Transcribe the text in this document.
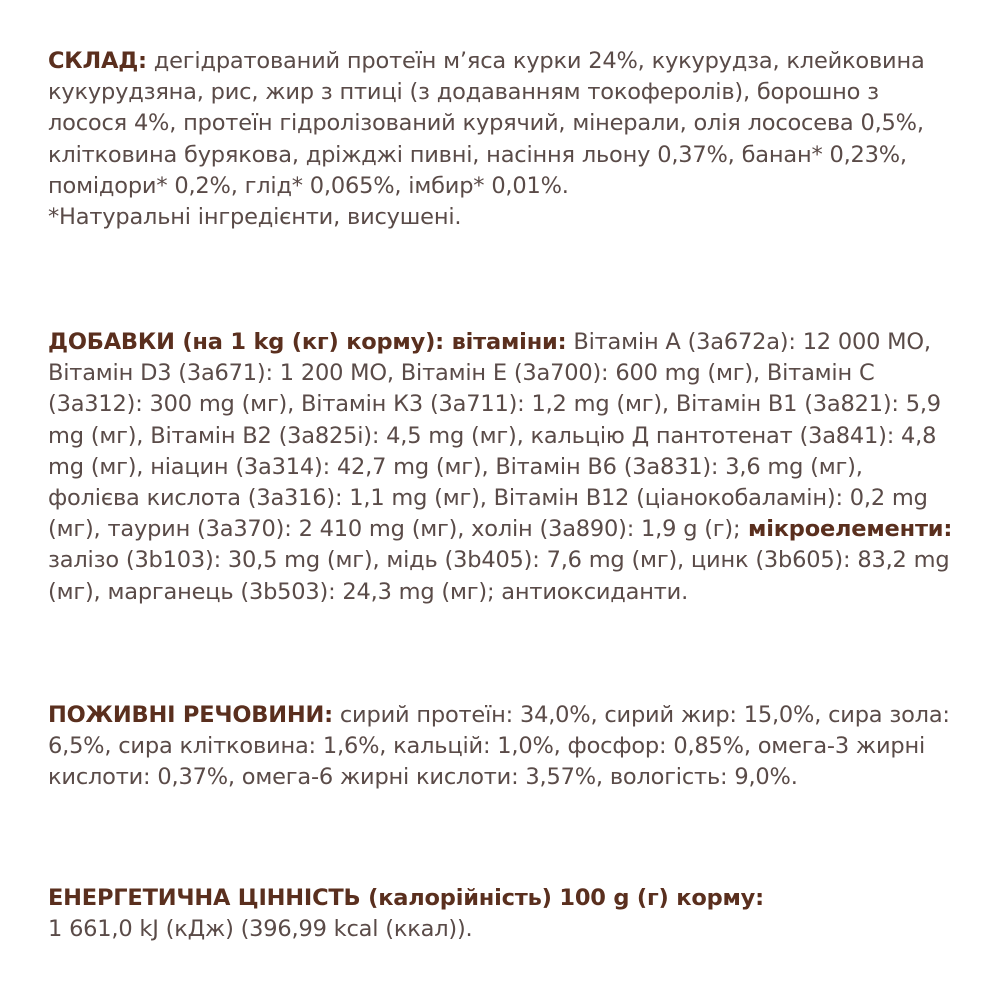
СКЛАД: дегідратований протеїн м’яса курки 24%, кукурудза, клейковина кукурудзяна, рис, жир з птиці (з додаванням токоферолів), борошно з лосося 4%, протеїн гідролізований курячий, мінерали, олія лососева 0,5%, клітковина бурякова, дріжджі пивні, насіння льону 0,37%, банан* 0,23%, помідори* 0,2%, глід* 0,065%, імбир* 0,01%.

*Натуральні інгредієнти, висушені.

ДОБАВКИ (на 1 kg (кг) корму): вітаміни: Вітамін А (3а672а): 12 000 МО, Вітамін D3 (3а671): 1 200 МО, Вітамін Е (3а700): 600 mg (мг), Вітамін С (3а312): 300 mg (мг), Вітамін К3 (3а711): 1,2 mg (мг), Вітамін В1 (3а821): 5,9 mg (мг), Вітамін В2 (3а825і): 4,5 mg (мг), кальцію Д пантотенат (3а841): 4,8 mg (мг), ніацин (3а314): 42,7 mg (мг), Вітамін В6 (3а831): 3,6 mg (мг), фолієва кислота (3а316): 1,1 mg (мг), Вітамін В12 (ціанокобаламін): 0,2 mg (мг), таурин (3а370): 2 410 mg (мг), холін (3а890): 1,9 g (г); мікроелементи: залізо (3b103): 30,5 mg (мг), мідь (3b405): 7,6 mg (мг), цинк (3b605): 83,2 mg (мг), марганець (3b503): 24,3 mg (мг); антиоксиданти.

ПОЖИВНІ РЕЧОВИНИ: сирий протеїн: 34,0%, сирий жир: 15,0%, сира зола: 6,5%, сира клітковина: 1,6%, кальцій: 1,0%, фосфор: 0,85%, омега-3 жирні кислоти: 0,37%, омега-6 жирні кислоти: 3,57%, вологість: 9,0%.

ЕНЕРГЕТИЧНА ЦІННІСТЬ (калорійність) 100 g (г) корму:

1 661,0 kJ (кДж) (396,99 kcal (ккал)).
